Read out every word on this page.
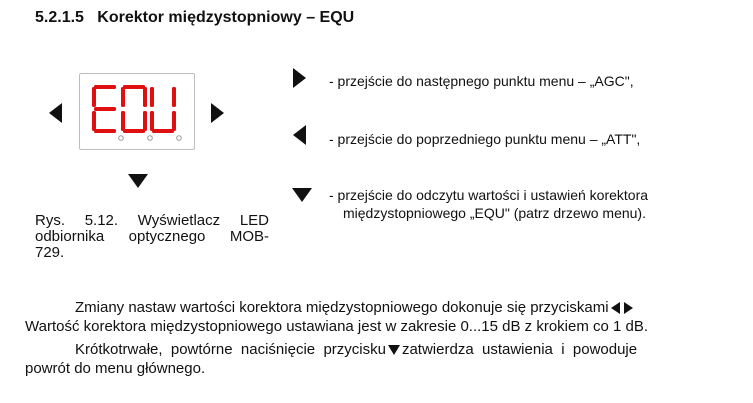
5.2.1.5   Korektor międzystopniowy – EQU
Rys. 5.12. Wyświetlacz LED
odbiornika optycznego MOB-
729.
- przejście do następnego punktu menu – „AGC",
- przejście do poprzedniego punktu menu – „ATT",
- przejście do odczytu wartości i ustawień korektora
międzystopniowego „EQU" (patrz drzewo menu).
Zmiany nastaw wartości korektora międzystopniowego dokonuje się przyciskami
Wartość korektora międzystopniowego ustawiana jest w zakresie 0...15 dB z krokiem co 1 dB.
Krótkotrwałe,  powtórne  naciśnięcie  przycisku zatwierdza  ustawienia  i  powoduje
powrót do menu głównego.
